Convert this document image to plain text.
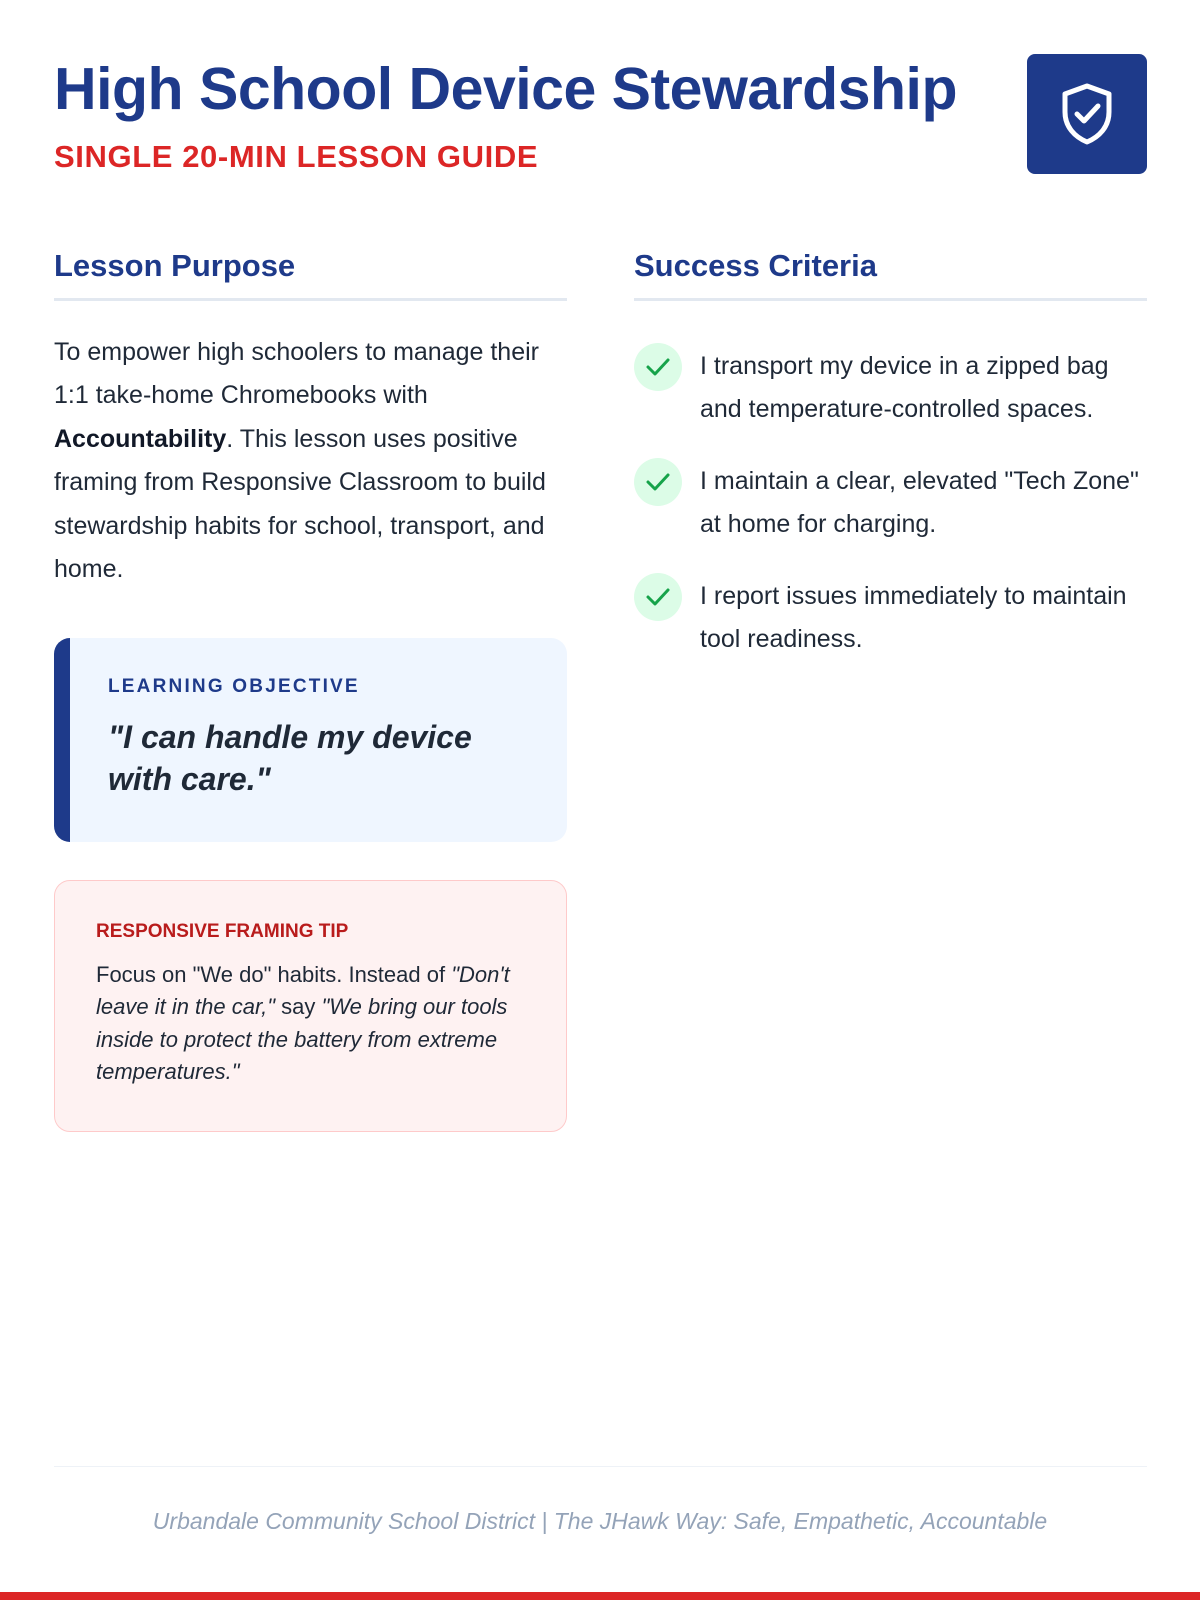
High School Device Stewardship
SINGLE 20-MIN LESSON GUIDE
Lesson Purpose

To empower high schoolers to manage their 1:1 take-home Chromebooks with Accountability. This lesson uses positive framing from Responsive Classroom to build stewardship habits for school, transport, and home.

LEARNING OBJECTIVE
"I can handle my device with care."
RESPONSIVE FRAMING TIP

Focus on "We do" habits. Instead of "Don't leave it in the car," say "We bring our tools inside to protect the battery from extreme temperatures."

Success Criteria
I transport my device in a zipped bag and temperature-controlled spaces.
I maintain a clear, elevated "Tech Zone" at home for charging.
I report issues immediately to maintain tool readiness.
Urbandale Community School District | The JHawk Way: Safe, Empathetic, Accountable
